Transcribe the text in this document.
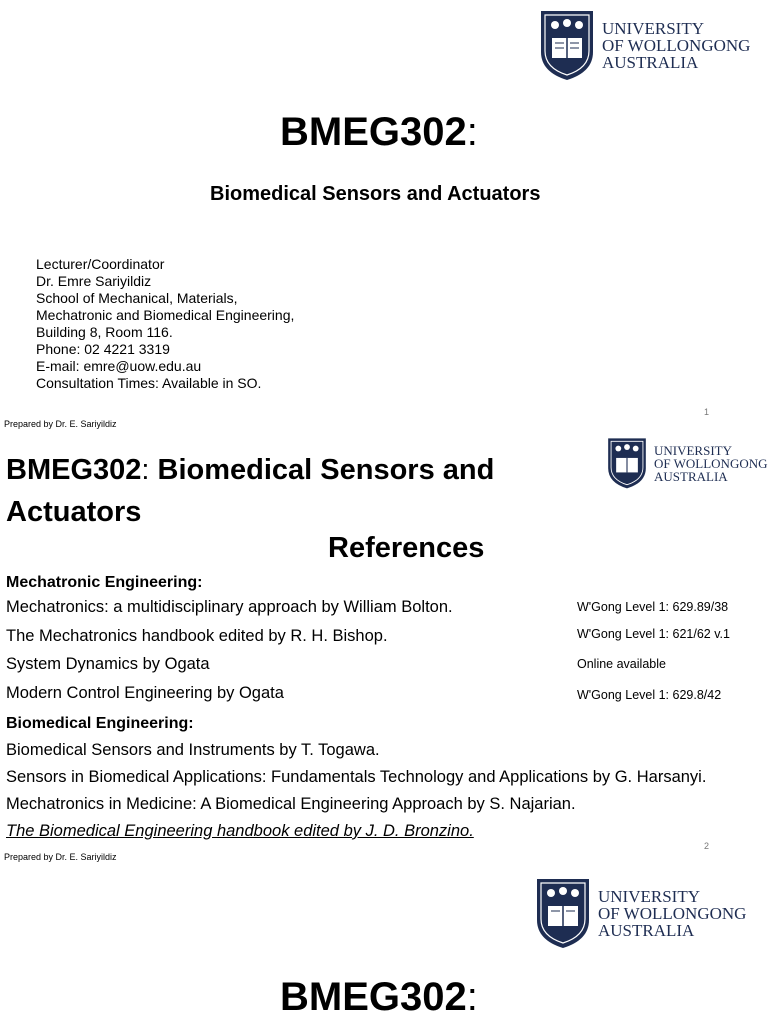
UNIVERSITY
OF WOLLONGONG
AUSTRALIA
BMEG302:
Biomedical Sensors and Actuators
Lecturer/Coordinator
Dr. Emre Sariyildiz
School of Mechanical, Materials,
Mechatronic and Biomedical Engineering,
Building 8, Room 116.
Phone: 02 4221 3319
E-mail: emre@uow.edu.au
Consultation Times: Available in SO.
1
Prepared by Dr. E. Sariyildiz
UNIVERSITY
OF WOLLONGONG
AUSTRALIA
BMEG302: Biomedical Sensors and
Actuators
References
Mechatronic Engineering:
Mechatronics: a multidisciplinary approach by William Bolton.	W'Gong Level 1: 629.89/38
The Mechatronics handbook edited by R. H. Bishop.	W'Gong Level 1: 621/62 v.1
System Dynamics by Ogata	Online available
Modern Control Engineering by Ogata	W'Gong Level 1: 629.8/42
Biomedical Engineering:
Biomedical Sensors and Instruments by T. Togawa.
Sensors in Biomedical Applications: Fundamentals Technology and Applications by G. Harsanyi.
Mechatronics in Medicine: A Biomedical Engineering Approach by S. Najarian.
The Biomedical Engineering handbook edited by J. D. Bronzino.
2
Prepared by Dr. E. Sariyildiz
UNIVERSITY
OF WOLLONGONG
AUSTRALIA
BMEG302:
